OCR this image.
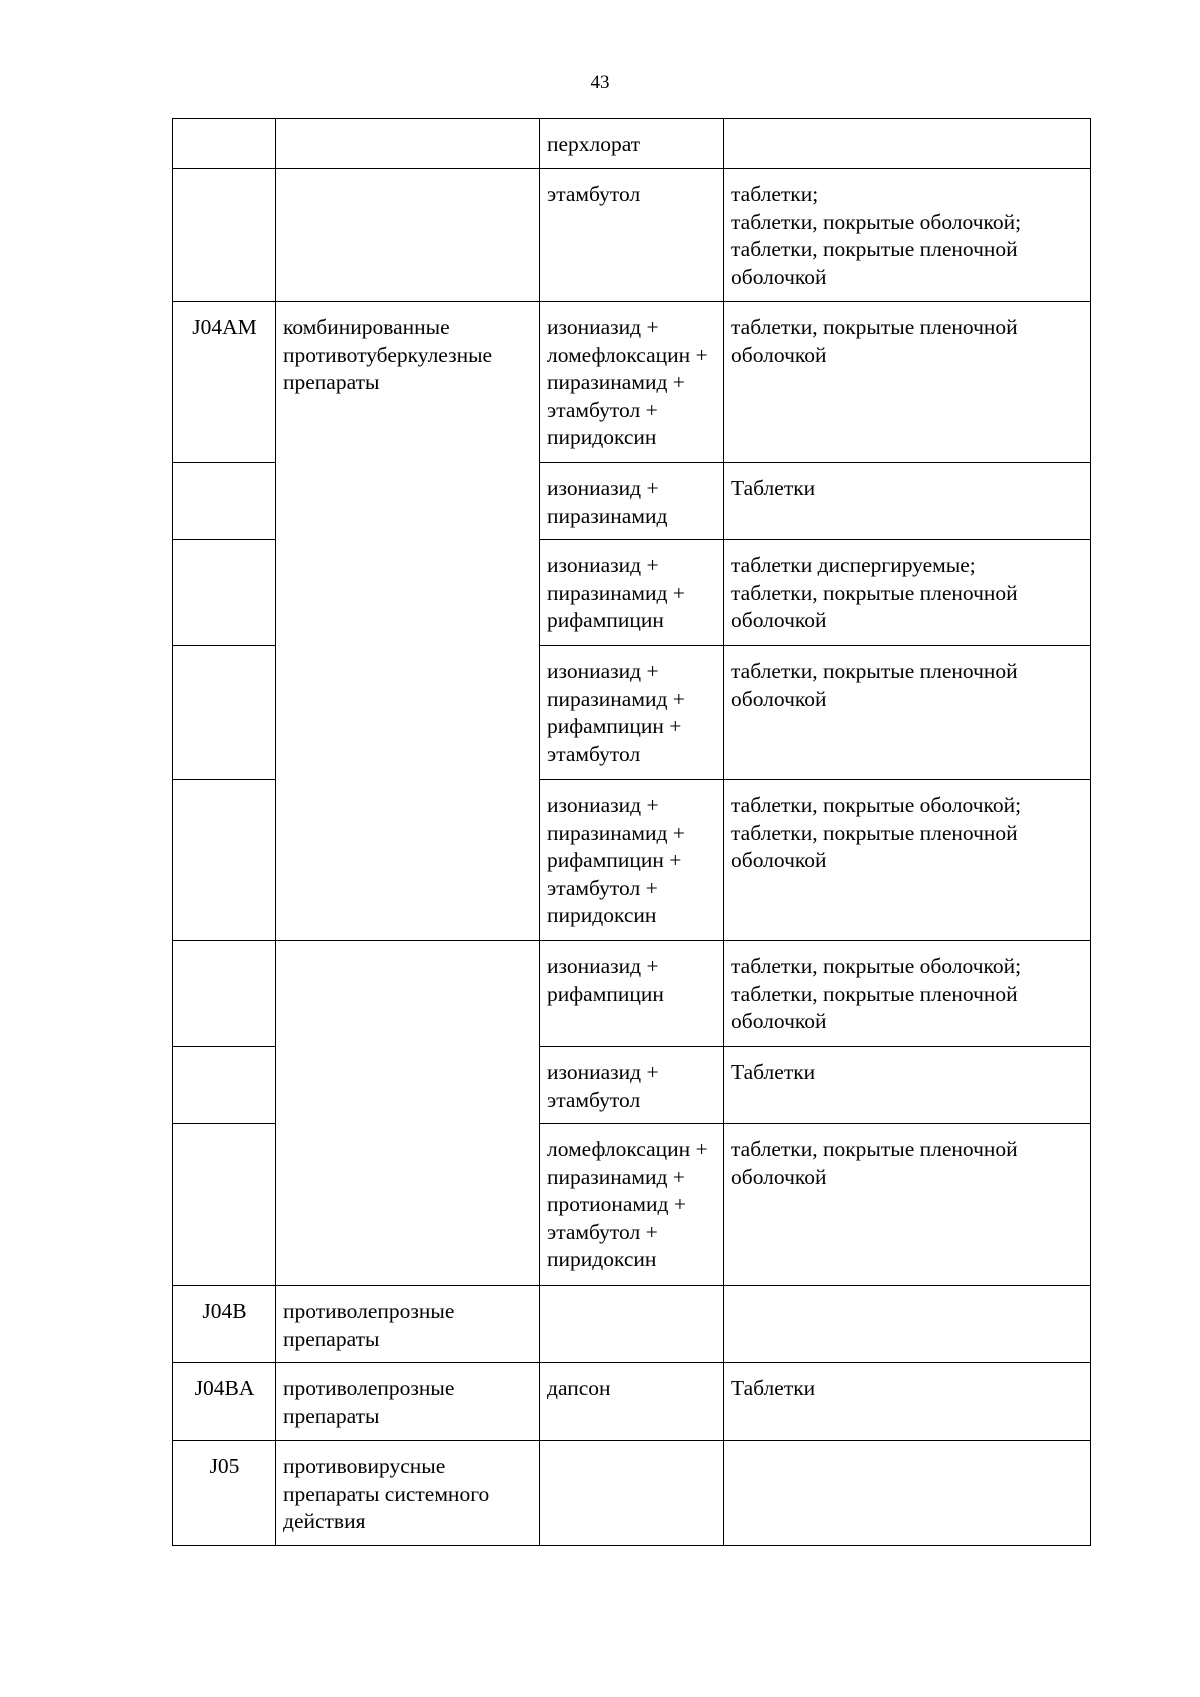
43
		перхлорат	
		этамбутол	таблетки;
таблетки, покрытые оболочкой;
таблетки, покрытые пленочной оболочкой
J04AM	комбинированные противотуберкулезные препараты	изониазид + ломефлоксацин + пиразинамид + этамбутол + пиридоксин	таблетки, покрытые пленочной оболочкой
		изониазид + пиразинамид	Таблетки
		изониазид + пиразинамид + рифампицин	таблетки диспергируемые;
таблетки, покрытые пленочной оболочкой
		изониазид + пиразинамид + рифампицин + этамбутол	таблетки, покрытые пленочной оболочкой
		изониазид + пиразинамид + рифампицин + этамбутол + пиридоксин	таблетки, покрытые оболочкой;
таблетки, покрытые пленочной оболочкой
		изониазид + рифампицин	таблетки, покрытые оболочкой;
таблетки, покрытые пленочной оболочкой
		изониазид + этамбутол	Таблетки
		ломефлоксацин + пиразинамид + протионамид + этамбутол + пиридоксин	таблетки, покрытые пленочной оболочкой
J04B	противолепрозные препараты		
J04BA	противолепрозные препараты	дапсон	Таблетки
J05	противовирусные препараты системного действия		
